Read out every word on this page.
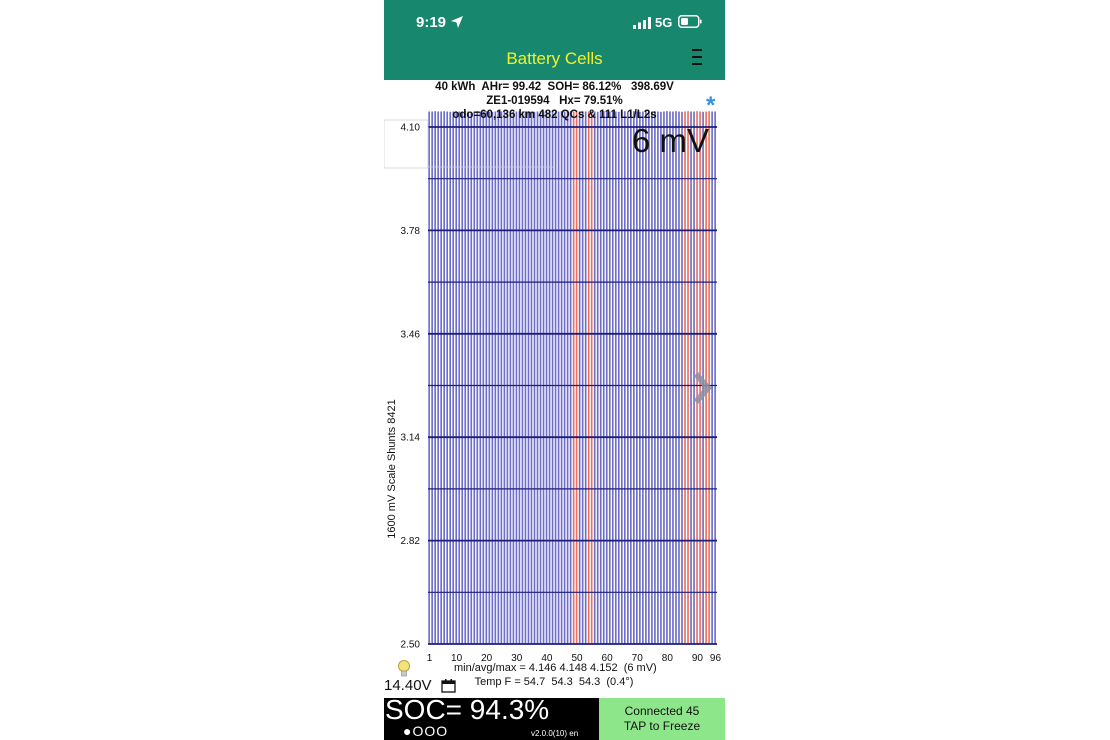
9:19	5G
Battery Cells
40 kWh  AHr= 99.42  SOH= 86.12%   398.69V
ZE1-019594   Hx= 79.51%
4.10
3.78
3.46
3.14
2.82
2.50
1 10 20 30 40 50 60 70 80 90 96
1600 mV Scale Shunts 8421
odo=60,136 km 482 QCs & 111 L1/L2s	*
6 mV
14.40V
min/avg/max = 4.146 4.148 4.152  (6 mV)
Temp F = 54.7  54.3  54.3  (0.4°)
SOC= 94.3%
●OOO	v2.0.0(10) en
Connected 45
TAP to Freeze
